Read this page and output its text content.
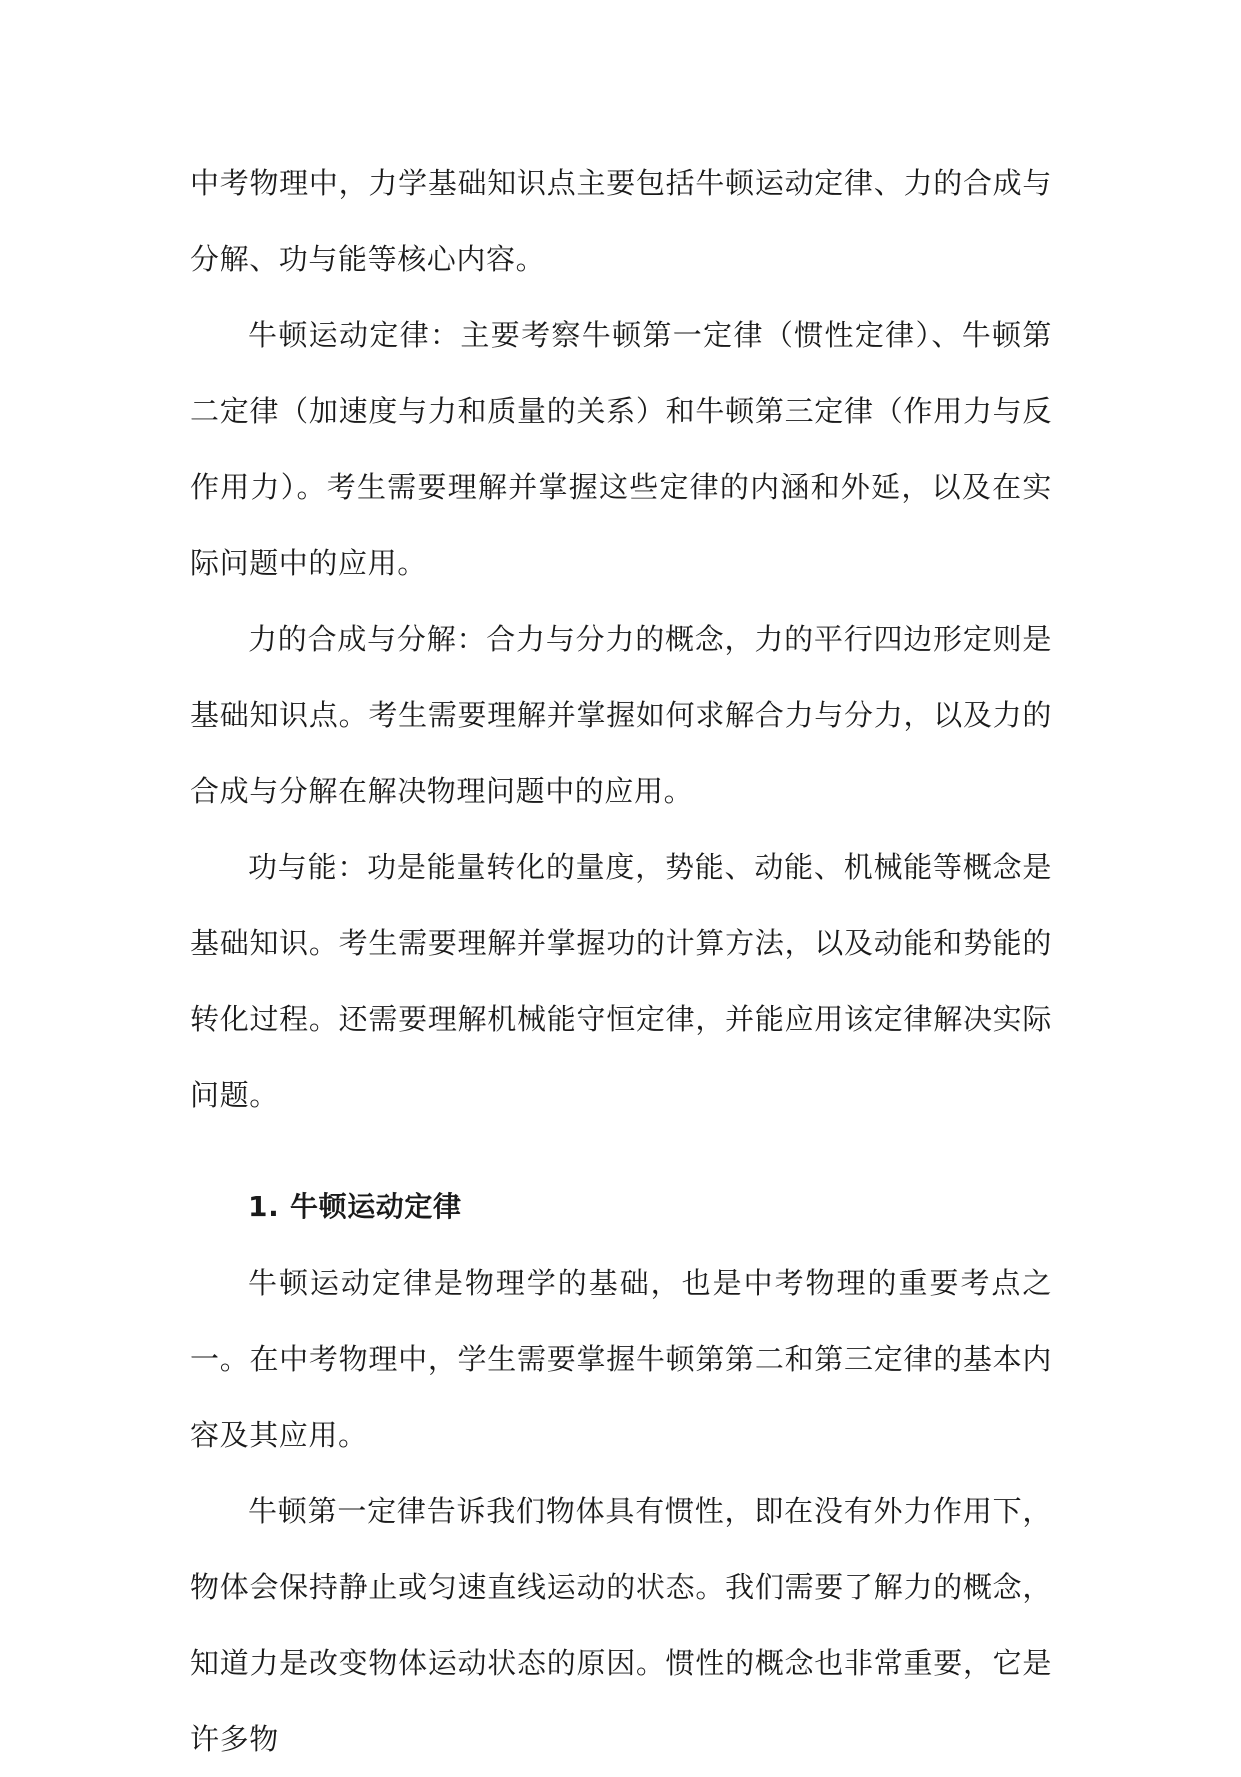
中考物理中，力学基础知识点主要包括牛顿运动定律、力的合成与分解、功与能等核心内容。

牛顿运动定律：主要考察牛顿第一定律（惯性定律）、牛顿第二定律（加速度与力和质量的关系）和牛顿第三定律（作用力与反作用力）。考生需要理解并掌握这些定律的内涵和外延，以及在实际问题中的应用。

力的合成与分解：合力与分力的概念，力的平行四边形定则是基础知识点。考生需要理解并掌握如何求解合力与分力，以及力的合成与分解在解决物理问题中的应用。

功与能：功是能量转化的量度，势能、动能、机械能等概念是基础知识。考生需要理解并掌握功的计算方法，以及动能和势能的转化过程。还需要理解机械能守恒定律，并能应用该定律解决实际问题。

1. 牛顿运动定律

牛顿运动定律是物理学的基础，也是中考物理的重要考点之一。在中考物理中，学生需要掌握牛顿第第二和第三定律的基本内容及其应用。

牛顿第一定律告诉我们物体具有惯性，即在没有外力作用下，物体会保持静止或匀速直线运动的状态。我们需要了解力的概念，知道力是改变物体运动状态的原因。惯性的概念也非常重要，它是许多物
